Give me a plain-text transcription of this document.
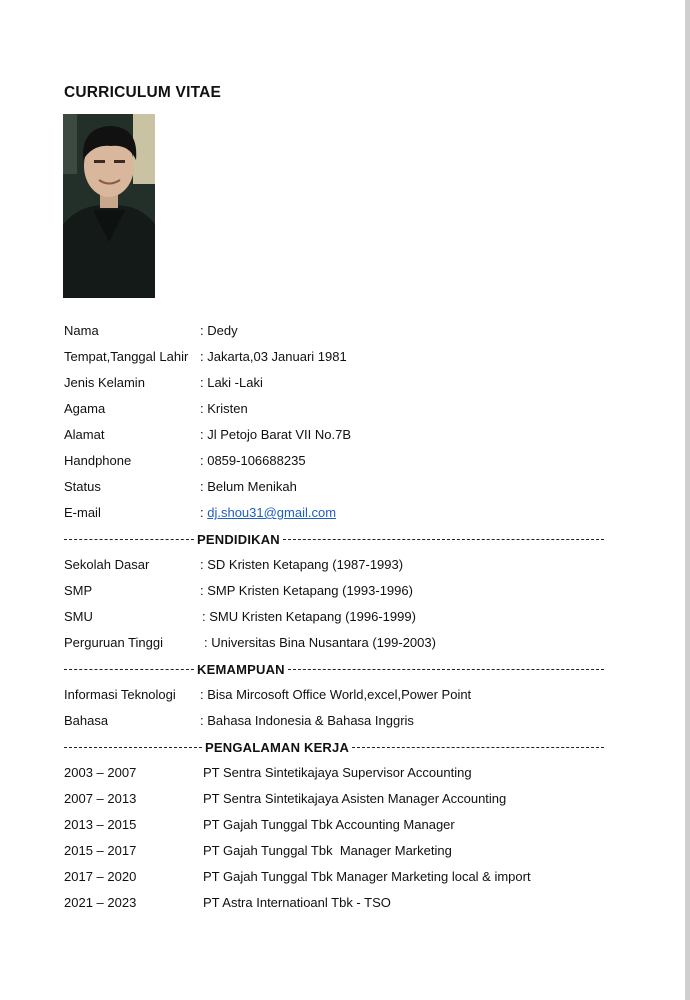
CURRICULUM VITAE
Nama	: Dedy
Tempat,Tanggal Lahir : Jakarta,03 Januari 1981
Jenis Kelamin	: Laki -Laki
Agama	: Kristen
Alamat	: Jl Petojo Barat VII No.7B
Handphone	: 0859-106688235
Status	: Belum Menikah
E-mail	: dj.shou31@gmail.com
PENDIDIKAN
Sekolah Dasar	: SD Kristen Ketapang (1987-1993)
SMP	: SMP Kristen Ketapang (1993-1996)
SMU	: SMU Kristen Ketapang (1996-1999)
Perguruan Tinggi	: Universitas Bina Nusantara (199-2003)
KEMAMPUAN
Informasi Teknologi : Bisa Mircosoft Office World,excel,Power Point
Bahasa	: Bahasa Indonesia & Bahasa Inggris
PENGALAMAN KERJA
2003 – 2007	PT Sentra Sintetikajaya Supervisor Accounting
2007 – 2013	PT Sentra Sintetikajaya Asisten Manager Accounting
2013 – 2015	PT Gajah Tunggal Tbk Accounting Manager
2015 – 2017	PT Gajah Tunggal Tbk  Manager Marketing
2017 – 2020	PT Gajah Tunggal Tbk Manager Marketing local & import
2021 – 2023	PT Astra Internatioanl Tbk - TSO
